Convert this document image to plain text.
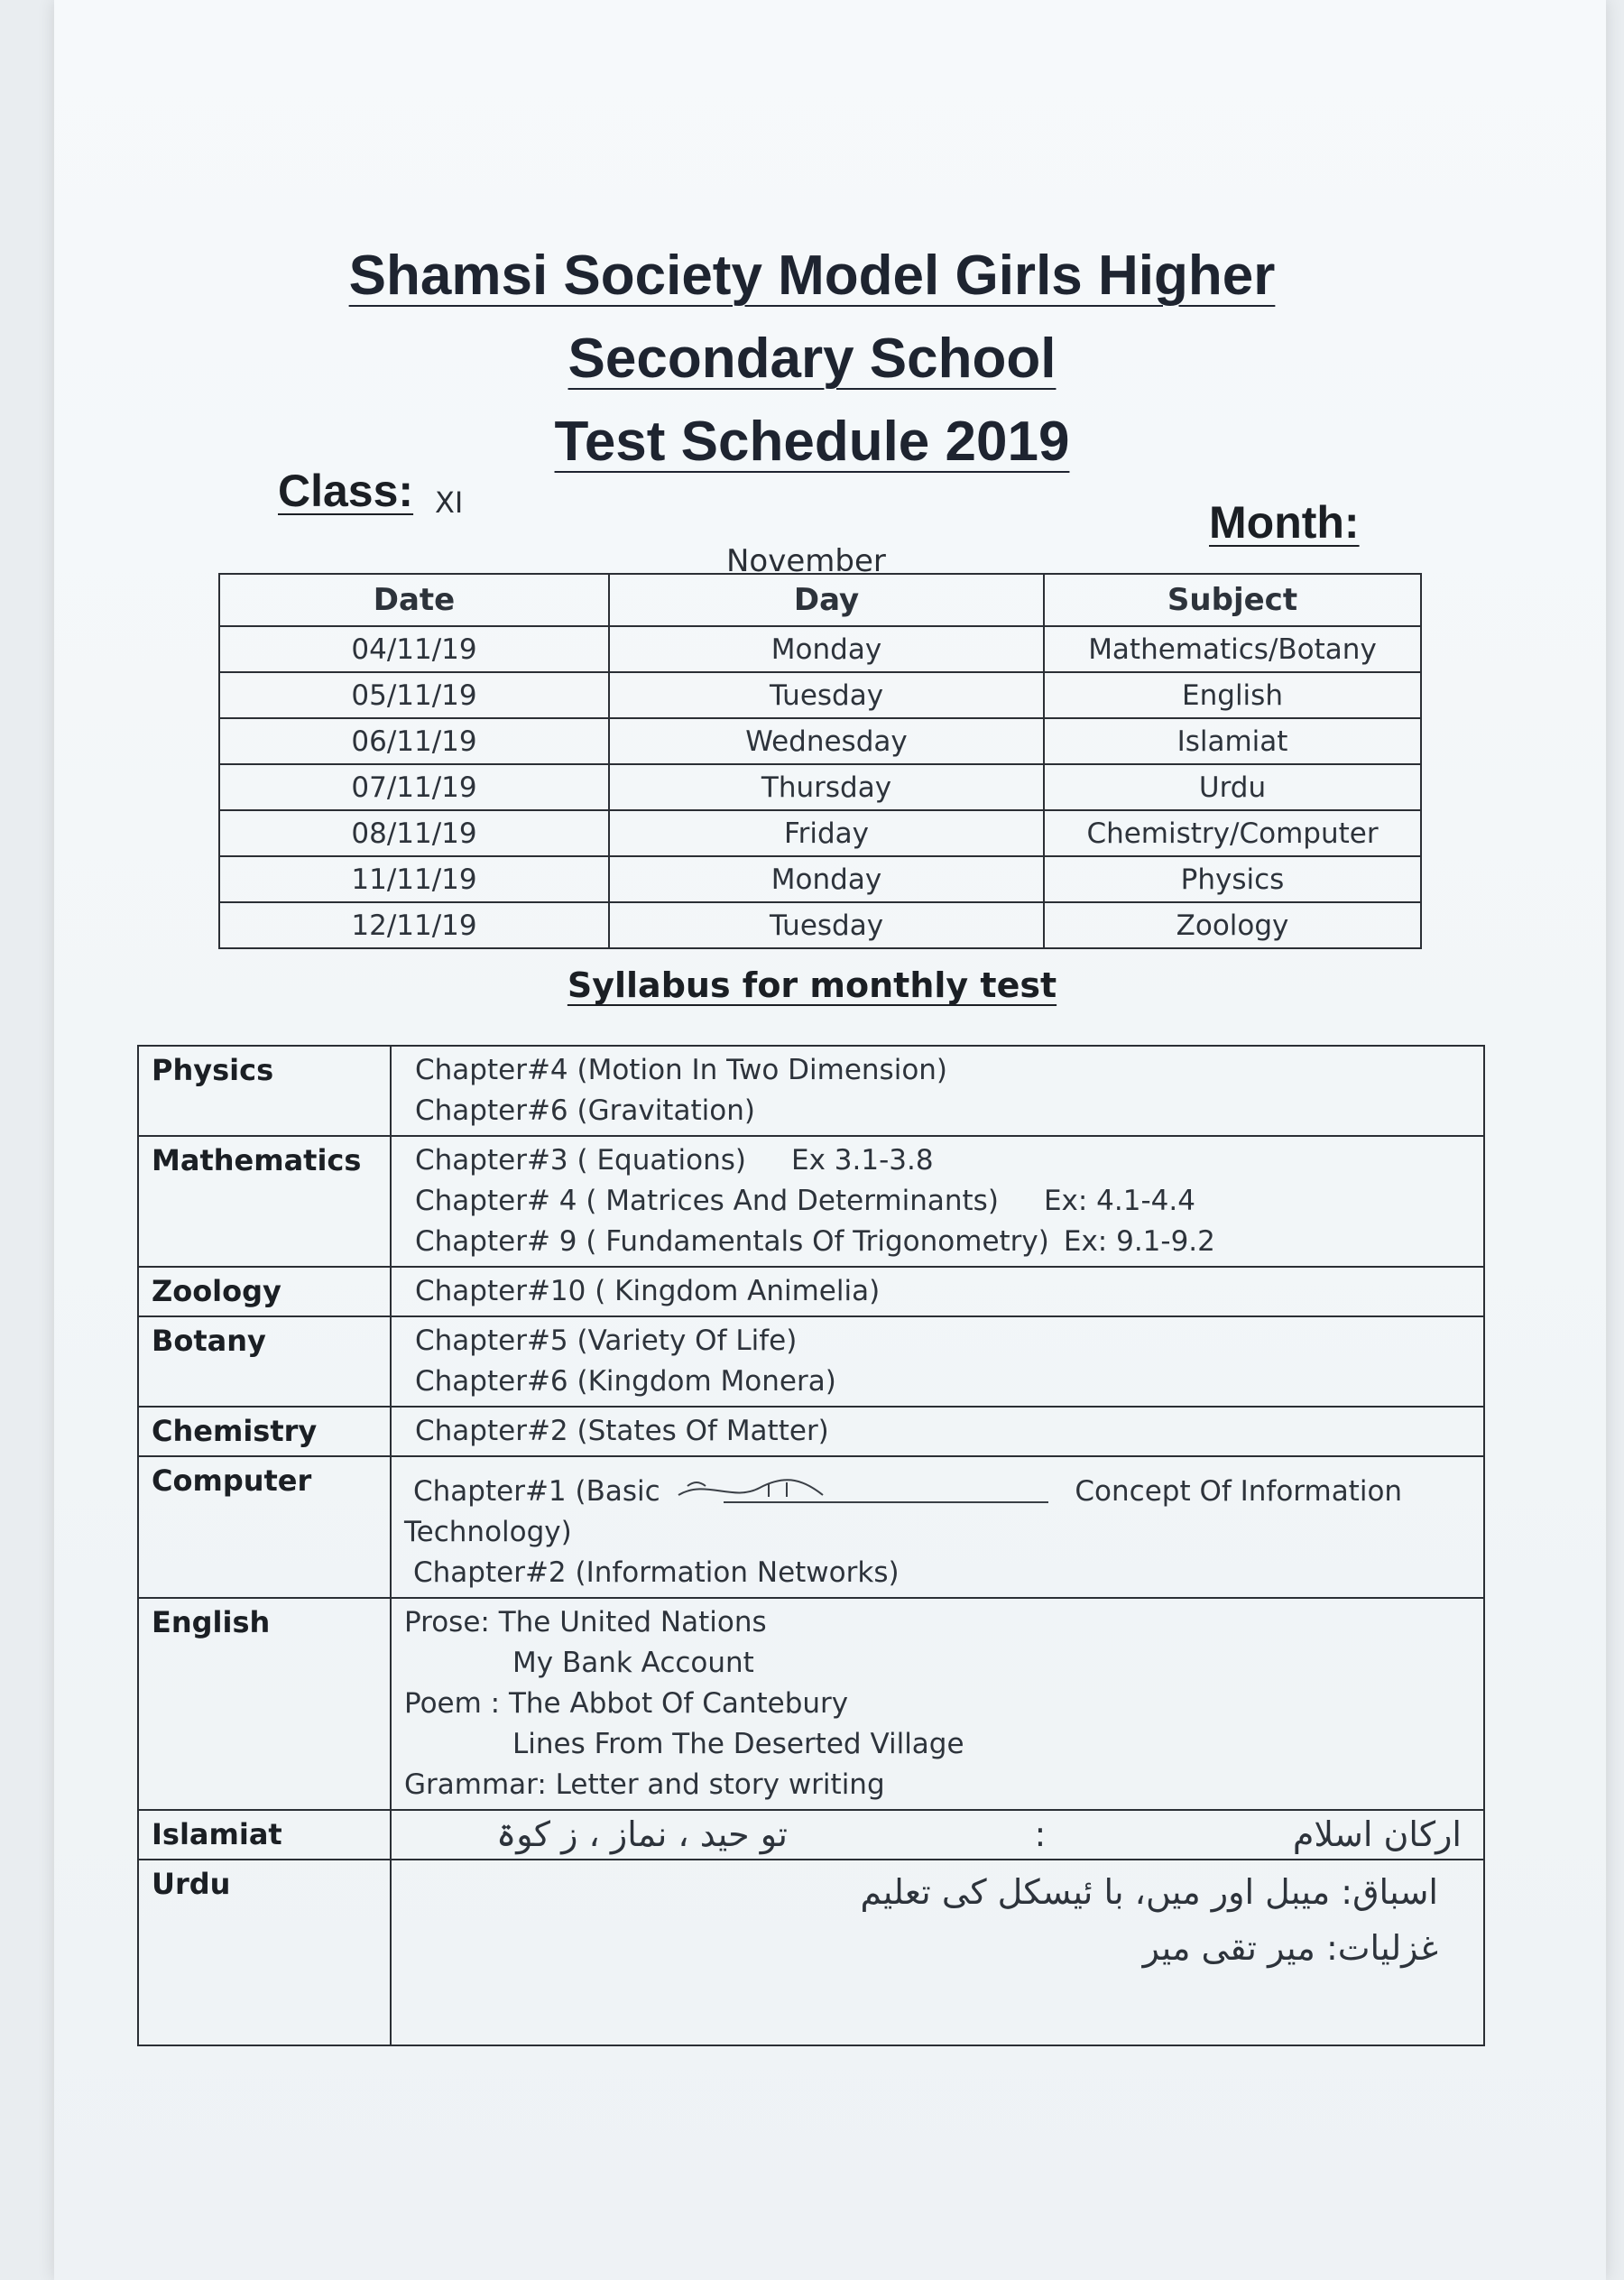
Shamsi Society Model Girls Higher
Secondary School
Test Schedule 2019
Class: XI	Month:
November
Date	Day	Subject
04/11/19	Monday	Mathematics/Botany
05/11/19	Tuesday	English
06/11/19	Wednesday	Islamiat
07/11/19	Thursday	Urdu
08/11/19	Friday	Chemistry/Computer
11/11/19	Monday	Physics
12/11/19	Tuesday	Zoology
Syllabus for monthly test
Physics	Chapter#4 (Motion In Two Dimension)
Chapter#6 (Gravitation)

Mathematics	Chapter#3 ( Equations) Ex 3.1-3.8
Chapter# 4 ( Matrices And Determinants) Ex: 4.1-4.4
Chapter# 9 ( Fundamentals Of Trigonometry) Ex: 9.1-9.2

Zoology	Chapter#10 ( Kingdom Animelia)

Botany	Chapter#5 (Variety Of Life)
Chapter#6 (Kingdom Monera)

Chemistry	Chapter#2 (States Of Matter)

Computer	Chapter#1 (Basic Concept Of Information
Technology)
Chapter#2 (Information Networks)

English	Prose: The United Nations
My Bank Account
Poem : The Abbot Of Cantebury
Lines From The Deserted Village
Grammar: Letter and story writing

Islamiat	ارکان اسلام
:
تو حید ، نماز ، ز کوۃ

Urdu	اسباق: میبل اور میں، با ئیسکل کی تعلیم
غزلیات: میر تقی میر
